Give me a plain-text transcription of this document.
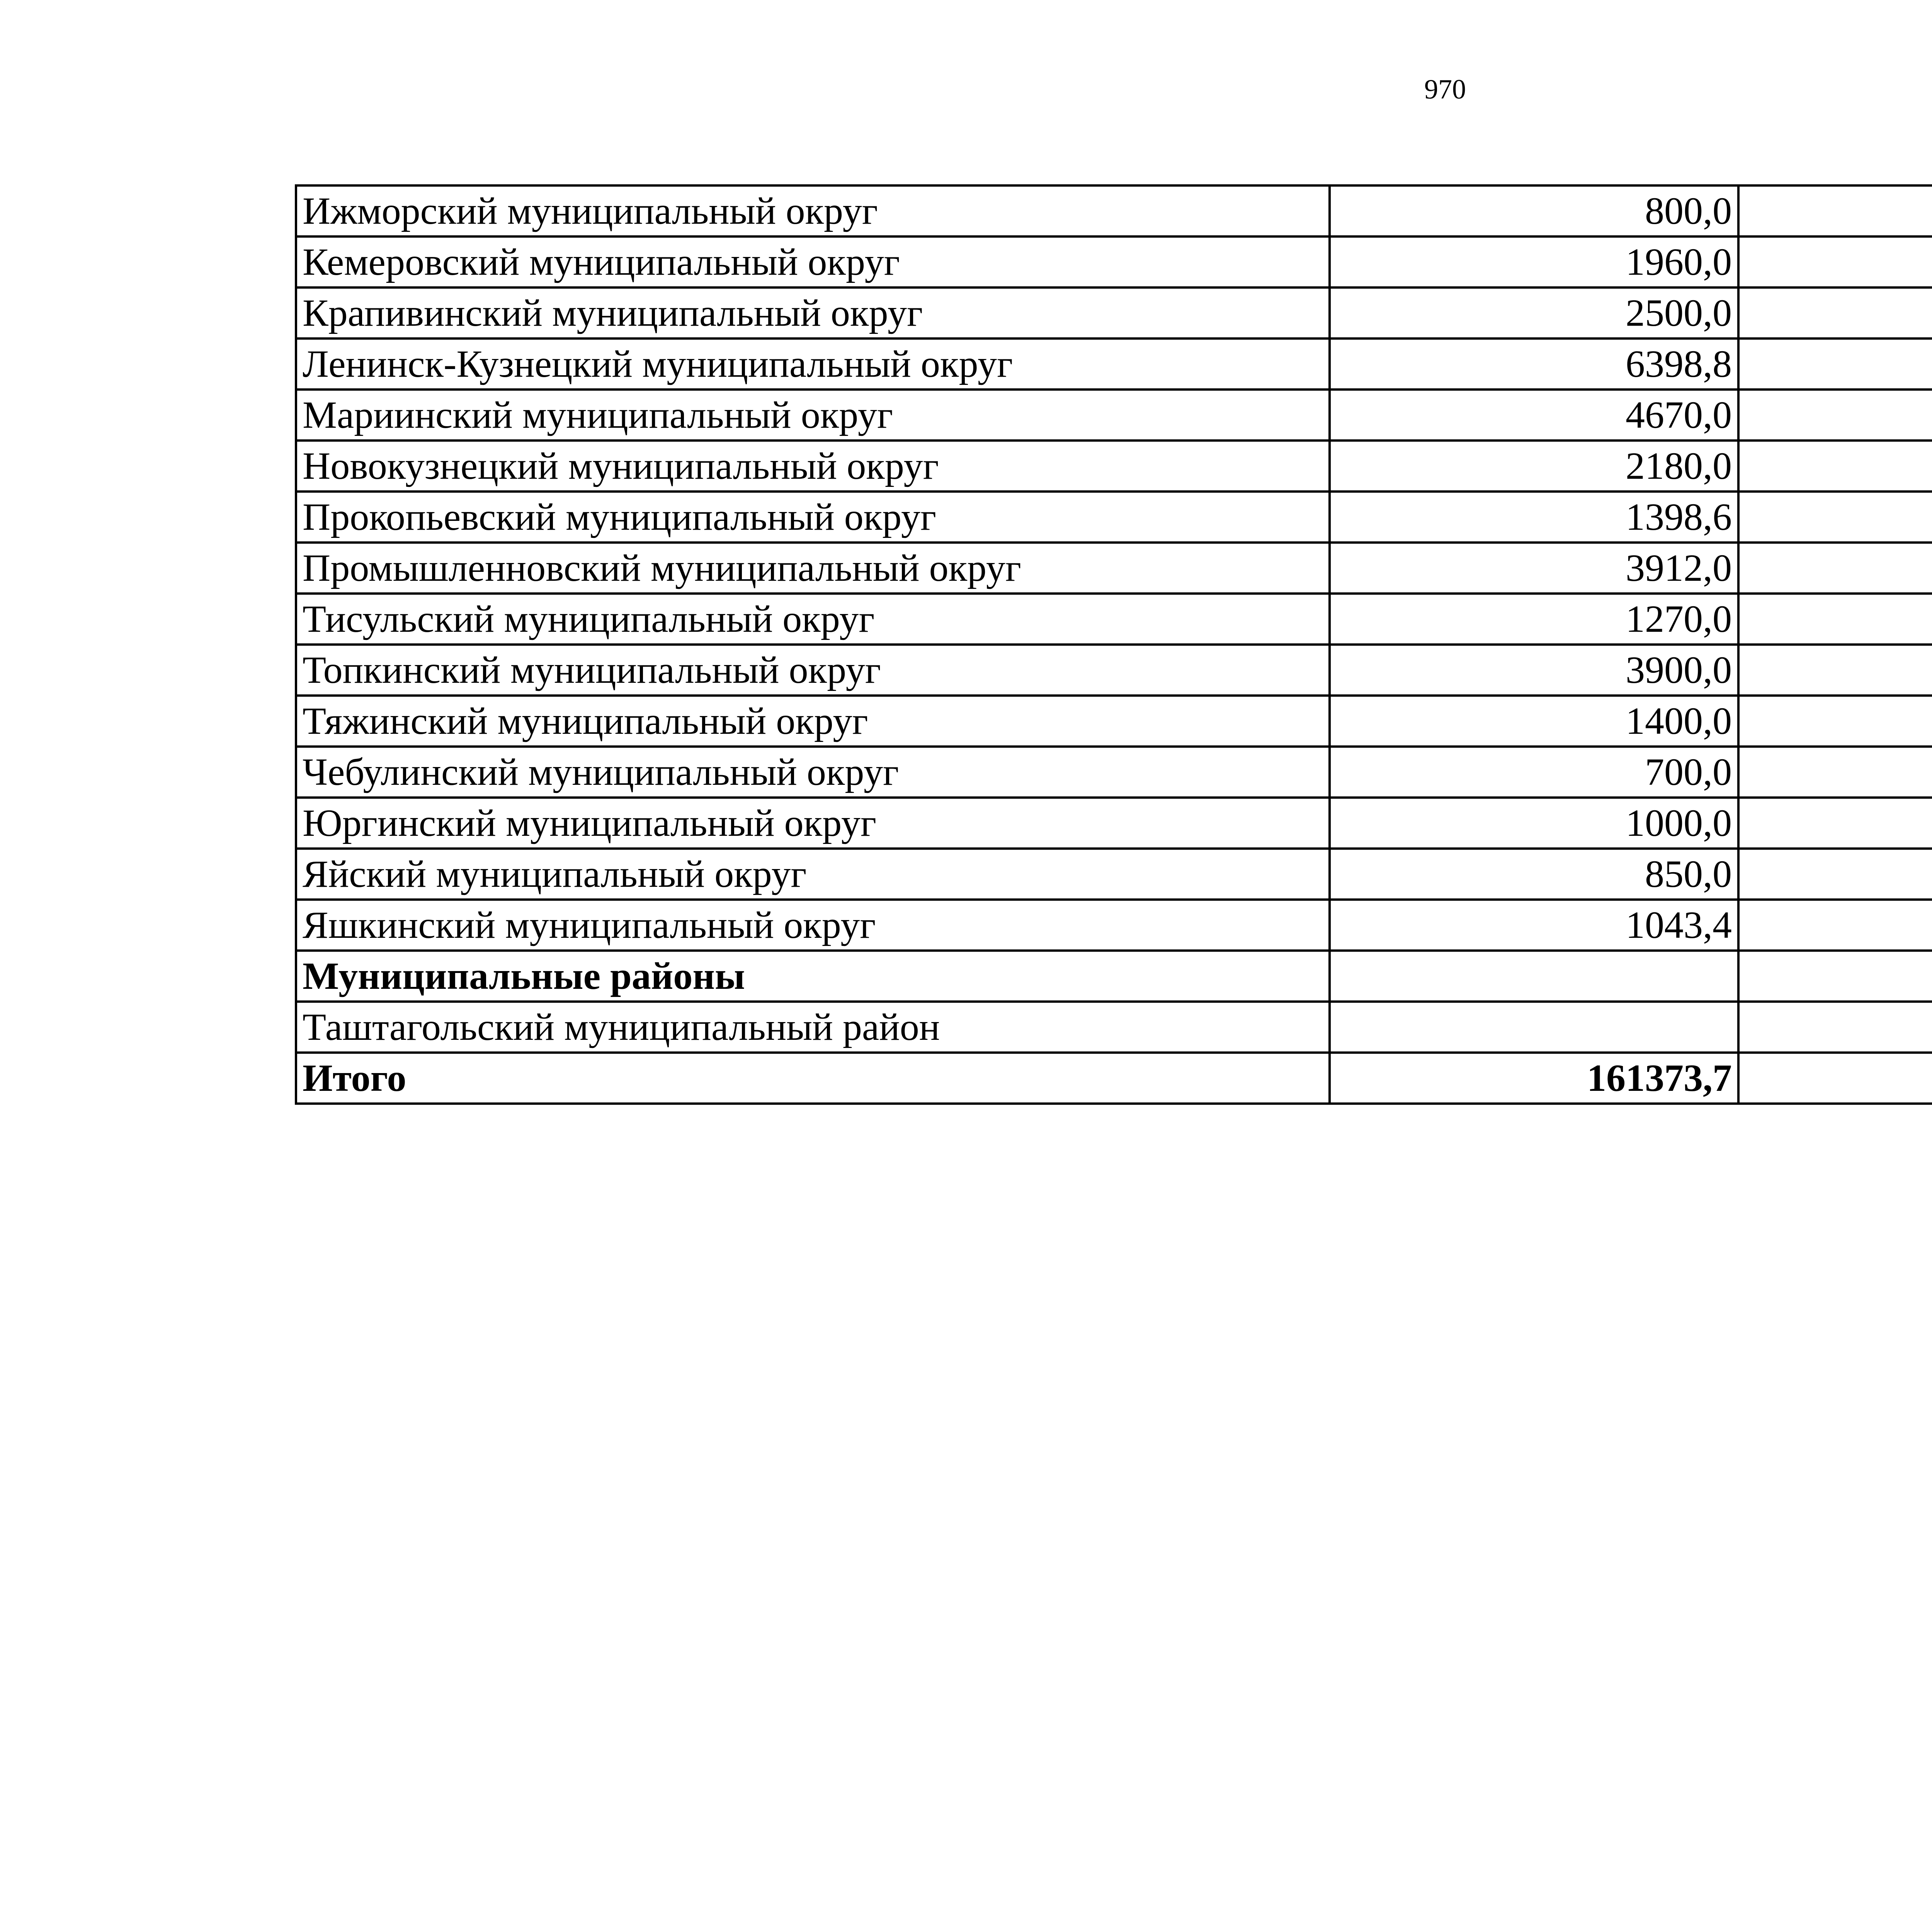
970
Ижморский муниципальный округ	800,0		
Кемеровский муниципальный округ	1960,0		
Крапивинский муниципальный округ	2500,0		
Ленинск-Кузнецкий муниципальный округ	6398,8		
Мариинский муниципальный округ	4670,0		
Новокузнецкий муниципальный округ	2180,0		
Прокопьевский муниципальный округ	1398,6		
Промышленновский муниципальный округ	3912,0		
Тисульский муниципальный округ	1270,0		
Топкинский муниципальный округ	3900,0		
Тяжинский муниципальный округ	1400,0		
Чебулинский муниципальный округ	700,0		
Юргинский муниципальный округ	1000,0		
Яйский муниципальный округ	850,0		
Яшкинский муниципальный округ	1043,4		
Муниципальные районы			
Таштагольский муниципальный район			
Итого	161373,7		
